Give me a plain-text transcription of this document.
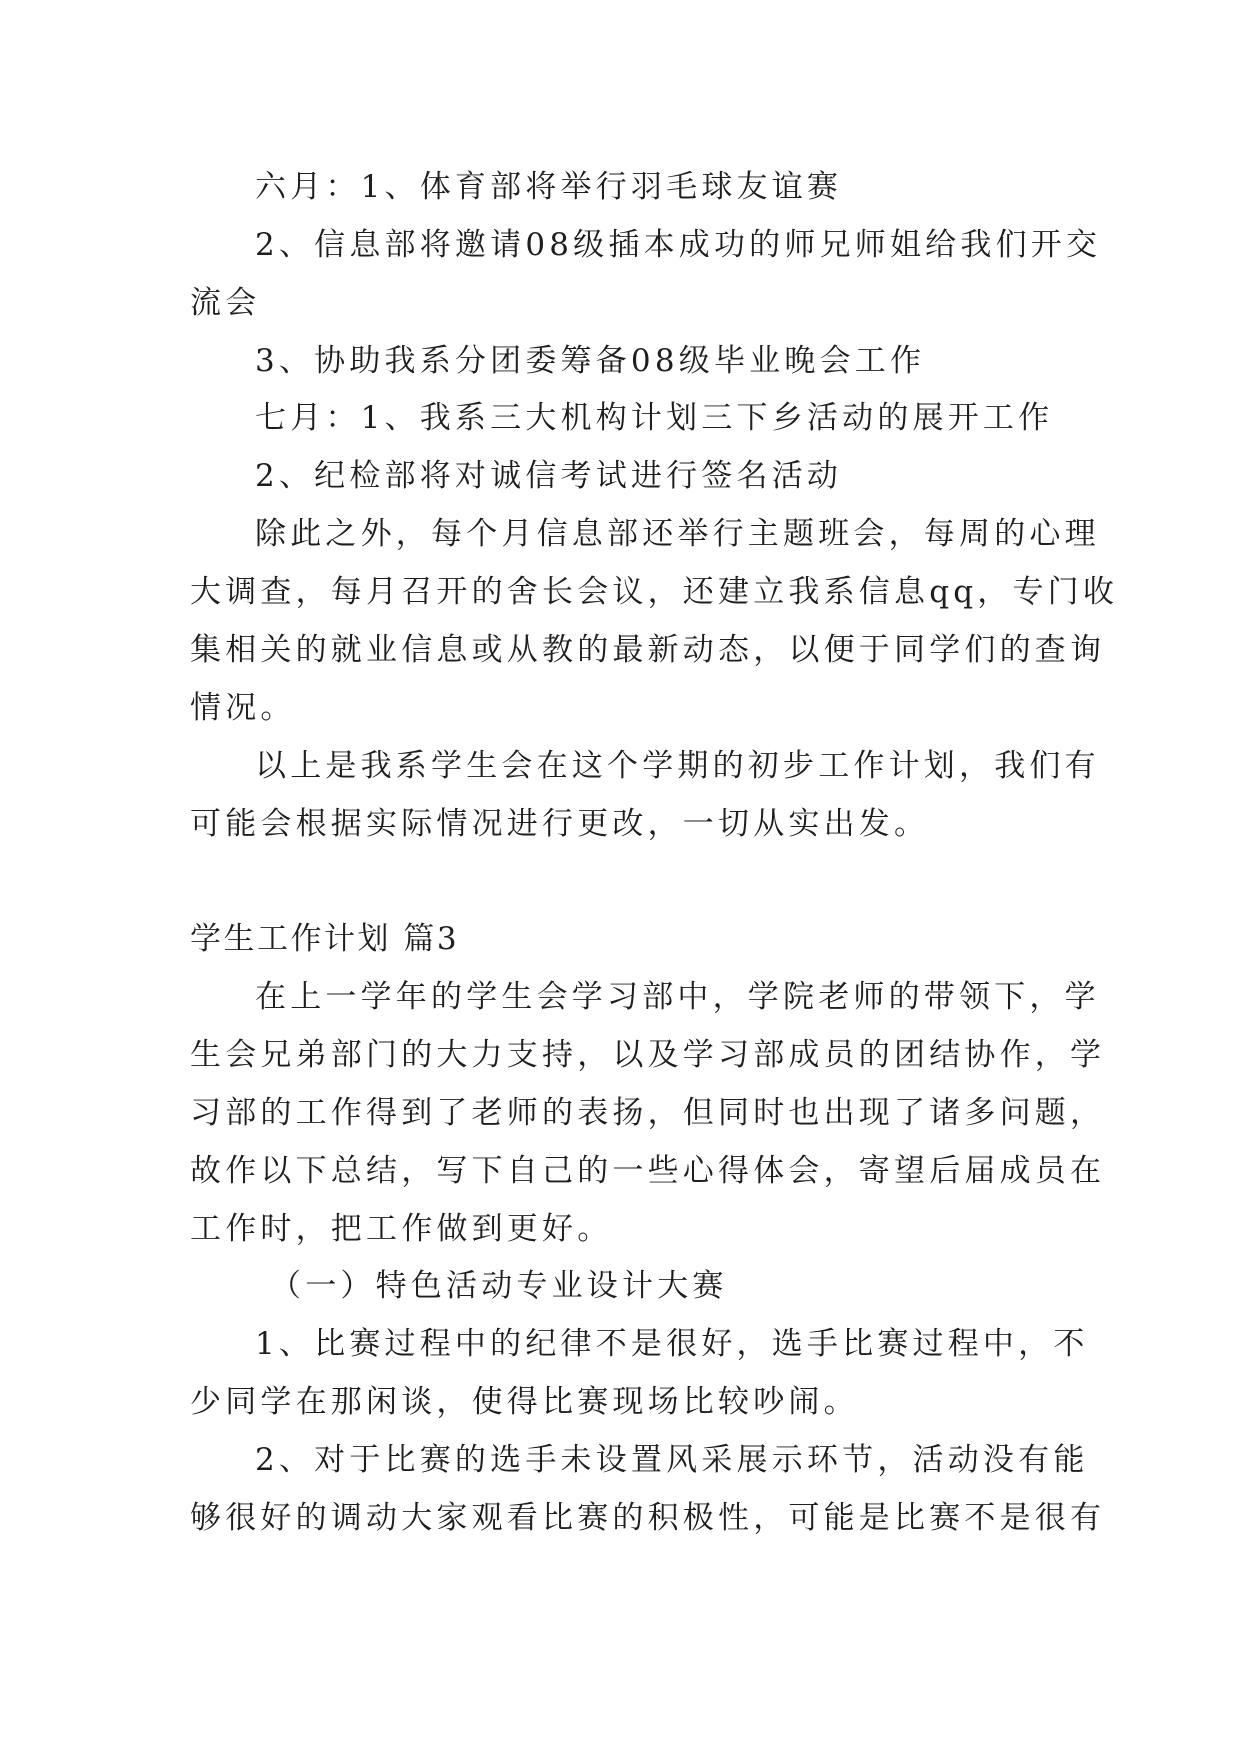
六月：1、体育部将举行羽毛球友谊赛
2、信息部将邀请08级插本成功的师兄师姐给我们开交
流会
3、协助我系分团委筹备08级毕业晚会工作
七月：1、我系三大机构计划三下乡活动的展开工作
2、纪检部将对诚信考试进行签名活动
除此之外，每个月信息部还举行主题班会，每周的心理
大调查，每月召开的舍长会议，还建立我系信息qq，专门收
集相关的就业信息或从教的最新动态，以便于同学们的查询
情况。
以上是我系学生会在这个学期的初步工作计划，我们有
可能会根据实际情况进行更改，一切从实出发。
学生工作计划 篇3
在上一学年的学生会学习部中，学院老师的带领下，学
生会兄弟部门的大力支持，以及学习部成员的团结协作，学
习部的工作得到了老师的表扬，但同时也出现了诸多问题，
故作以下总结，写下自己的一些心得体会，寄望后届成员在
工作时，把工作做到更好。
（一）特色活动专业设计大赛
1、比赛过程中的纪律不是很好，选手比赛过程中，不
少同学在那闲谈，使得比赛现场比较吵闹。
2、对于比赛的选手未设置风采展示环节，活动没有能
够很好的调动大家观看比赛的积极性，可能是比赛不是很有
